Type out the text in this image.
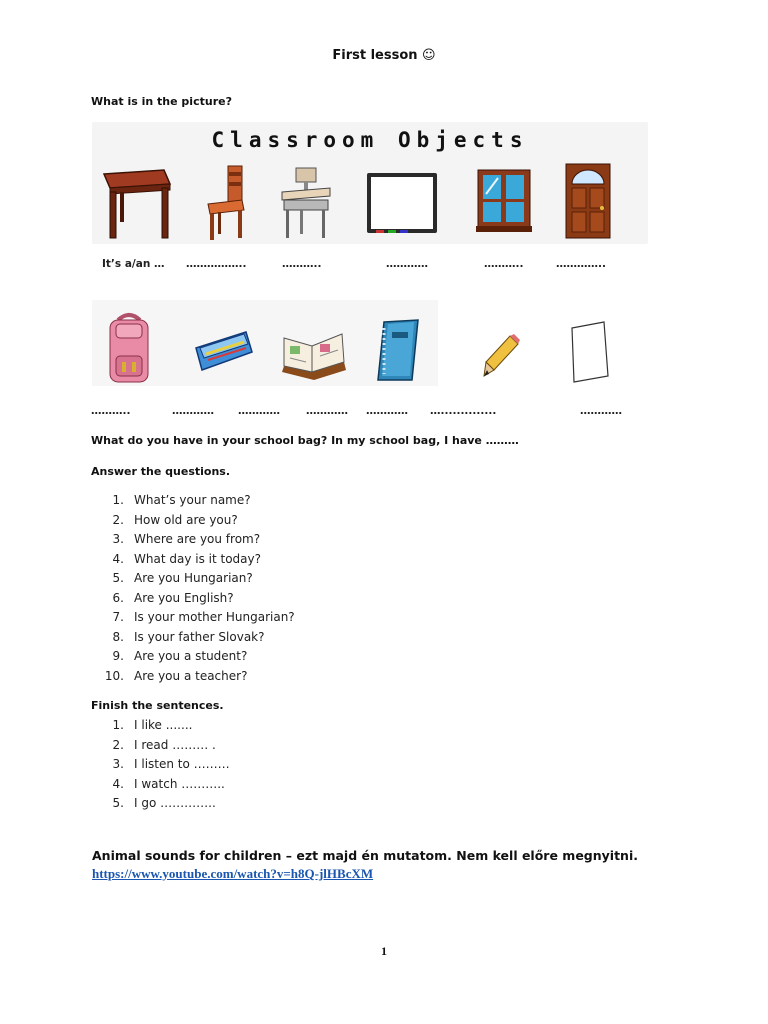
First lesson ☺
What is in the picture?
Classroom Objects
It’s a/an … ……………..	………..	…………	………..	…………..
………..	………… ………… ………… ………… …..............	…………
What do you have in your school bag? In my school bag, I have ………
Answer the questions.
1. What’s your name?
2. How old are you?
3. Where are you from?
4. What day is it today?
5. Are you Hungarian?
6. Are you English?
7. Is your mother Hungarian?
8. Is your father Slovak?
9. Are you a student?
10. Are you a teacher?
Finish the sentences.
1. I like .......
2. I read ……… .
3. I listen to ………
4. I watch ………..
5. I go …………..
Animal sounds for children – ezt majd én mutatom. Nem kell előre megnyitni.
https://www.youtube.com/watch?v=h8Q-jlHBcXM
1
